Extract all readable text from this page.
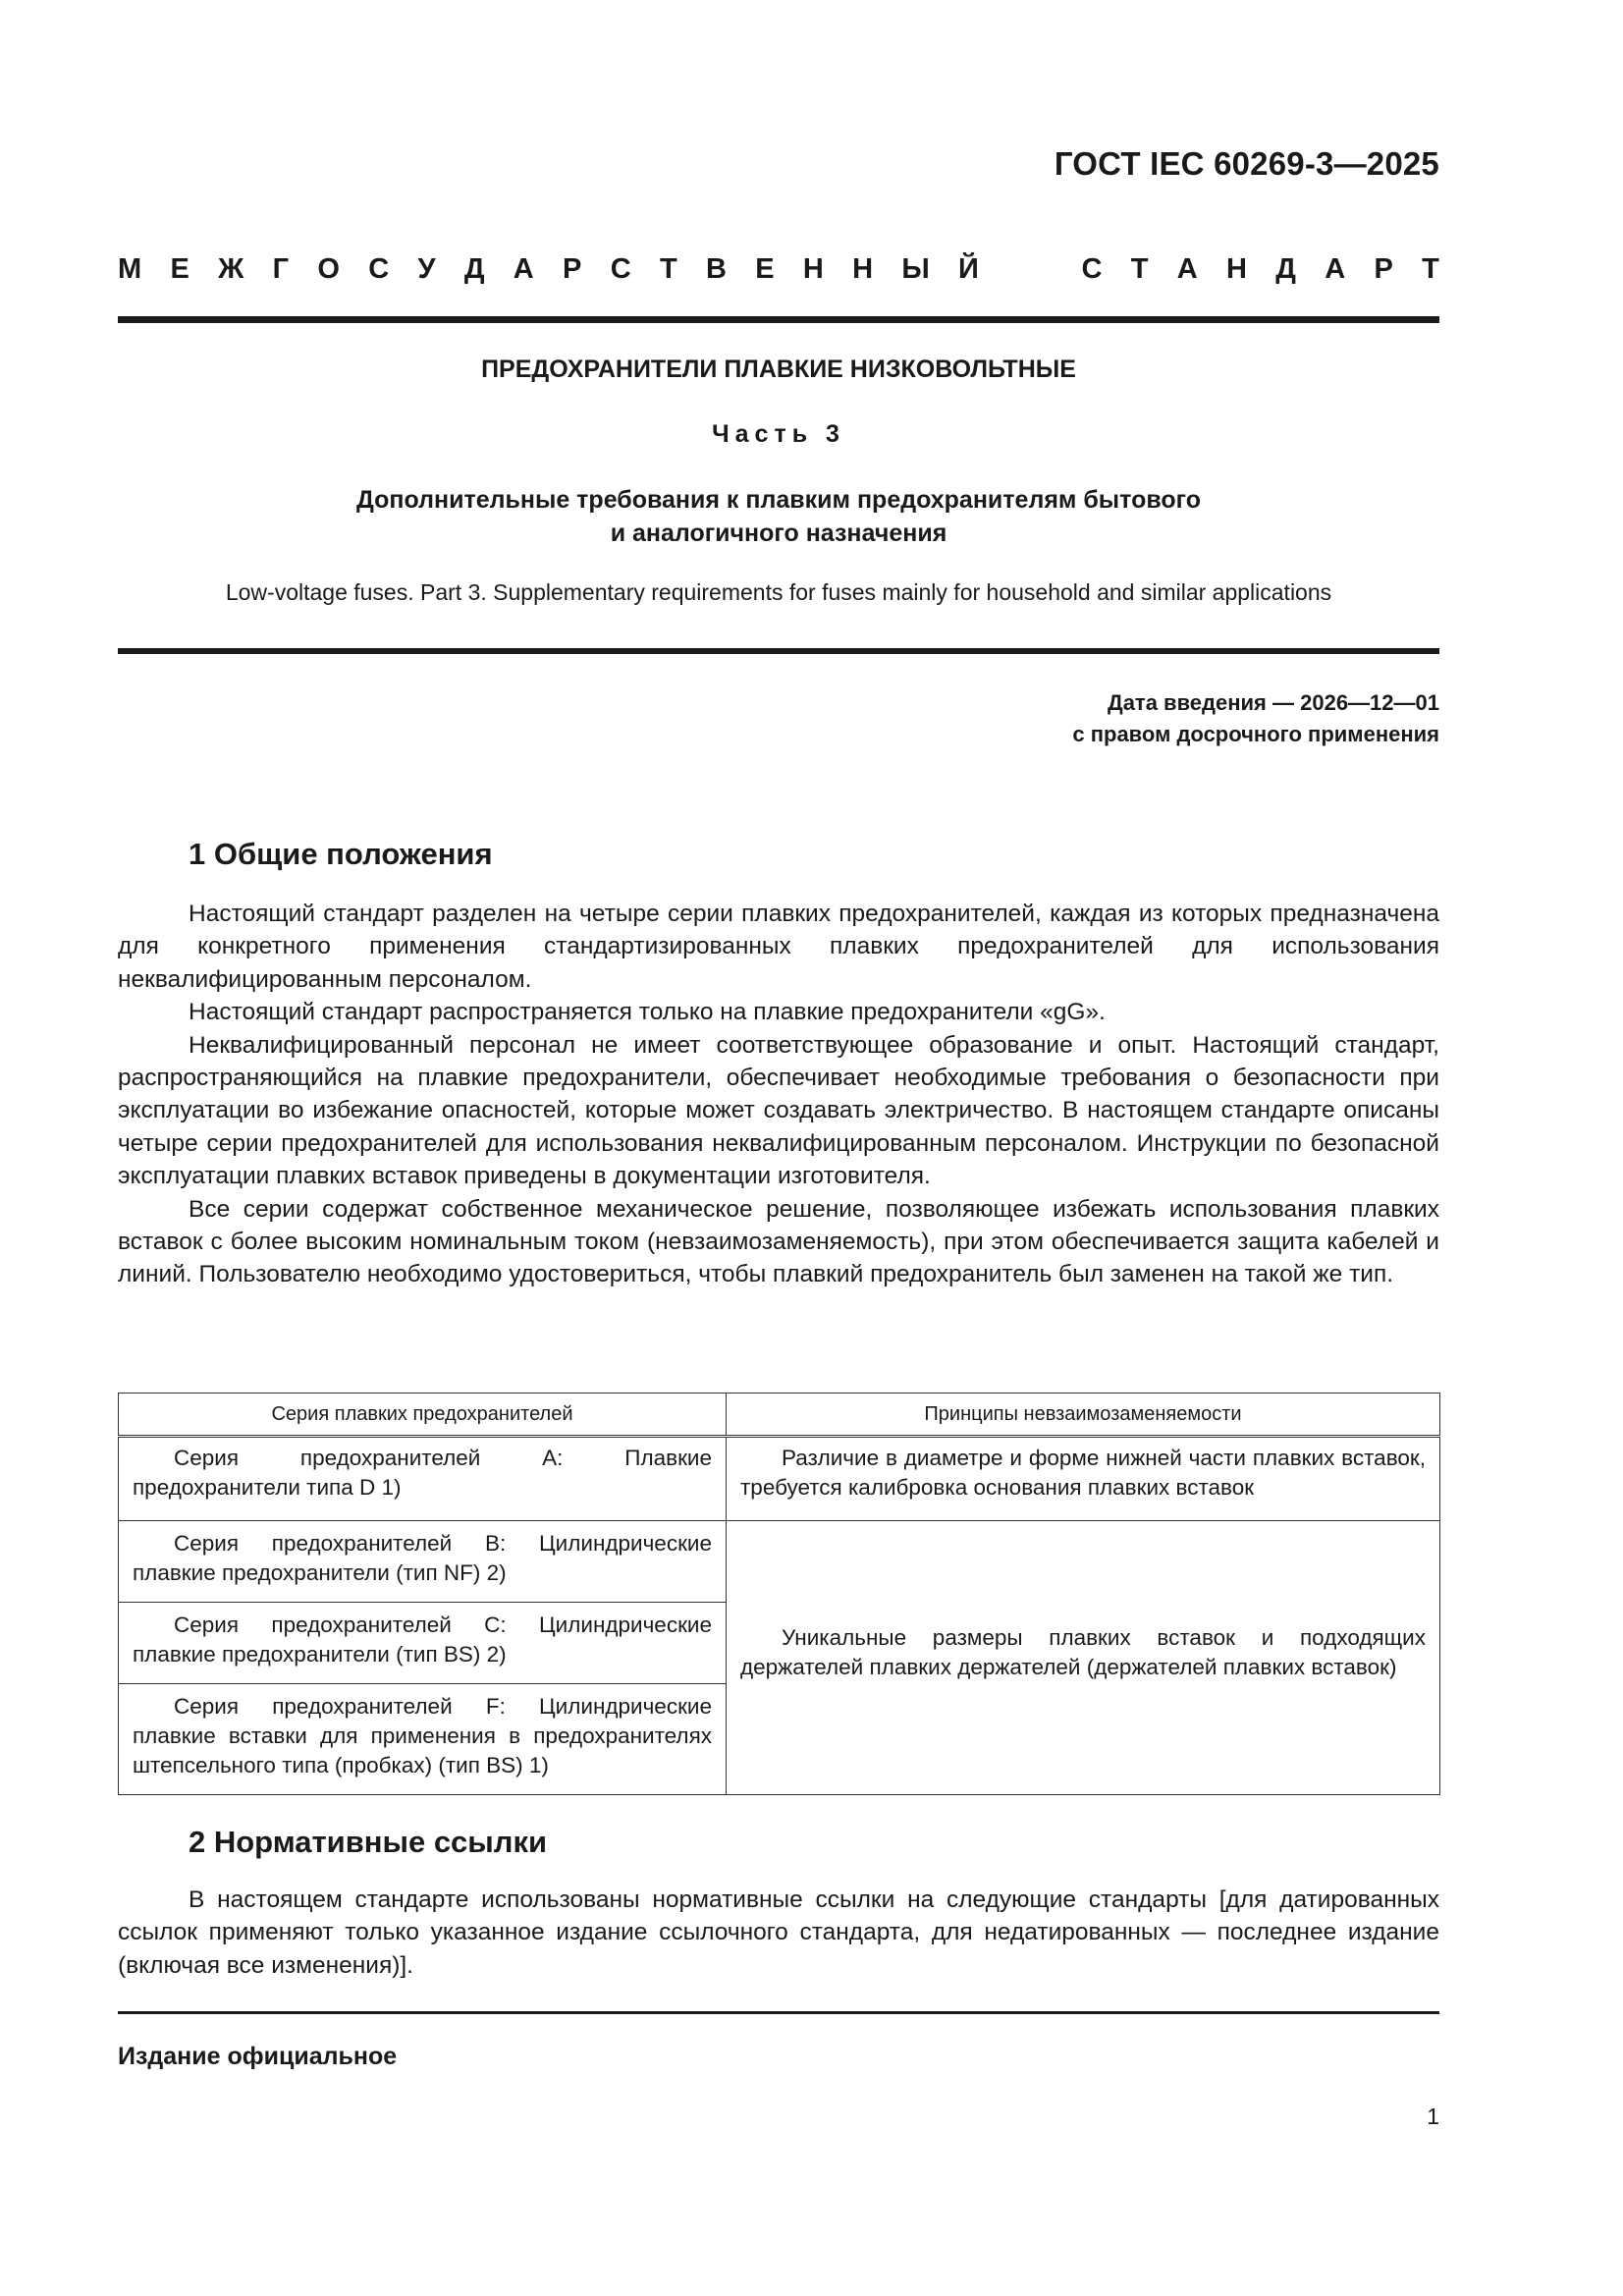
ГОСТ IEC 60269-3—2025
М Е Ж Г О С У Д А Р С Т В Е Н Н Ы Й	С Т А Н Д А Р Т
ПРЕДОХРАНИТЕЛИ ПЛАВКИЕ НИЗКОВОЛЬТНЫЕ
Часть 3
Дополнительные требования к плавким предохранителям бытового
и аналогичного назначения
Low-voltage fuses. Part 3. Supplementary requirements for fuses mainly for household and similar applications
Дата введения — 2026—12—01
с правом досрочного применения
1 Общие положения

Настоящий стандарт разделен на четыре серии плавких предохранителей, каждая из которых предназначена для конкретного применения стандартизированных плавких предохранителей для использования неквалифицированным персоналом.

Настоящий стандарт распространяется только на плавкие предохранители «gG».

Неквалифицированный персонал не имеет соответствующее образование и опыт. Настоящий стандарт, распространяющийся на плавкие предохранители, обеспечивает необходимые требования о безопасности при эксплуатации во избежание опасностей, которые может создавать электричество. В настоящем стандарте описаны четыре серии предохранителей для использования неквалифицированным персоналом. Инструкции по безопасной эксплуатации плавких вставок приведены в документации изготовителя.

Все серии содержат собственное механическое решение, позволяющее избежать использования плавких вставок с более высоким номинальным током (невзаимозаменяемость), при этом обеспечивается защита кабелей и линий. Пользователю необходимо удостовериться, чтобы плавкий предохранитель был заменен на такой же тип.

Серия плавких предохранителей	Принципы невзаимозаменяемости
Серия предохранителей А: Плавкие предохранители типа D 1)	Различие в диаметре и форме нижней части плавких вставок, требуется калибровка основания плавких вставок
Серия предохранителей В: Цилиндрические плавкие предохранители (тип NF) 2)	Уникальные размеры плавких вставок и подходящих держателей плавких держателей (держателей плавких вставок)
Серия предохранителей С: Цилиндрические плавкие предохранители (тип BS) 2)	
Серия предохранителей F: Цилиндрические плавкие вставки для применения в предохранителях штепсельного типа (пробках) (тип BS) 1)	
2 Нормативные ссылки

В настоящем стандарте использованы нормативные ссылки на следующие стандарты [для датированных ссылок применяют только указанное издание ссылочного стандарта, для недатированных — последнее издание (включая все изменения)].

Издание официальное
1
